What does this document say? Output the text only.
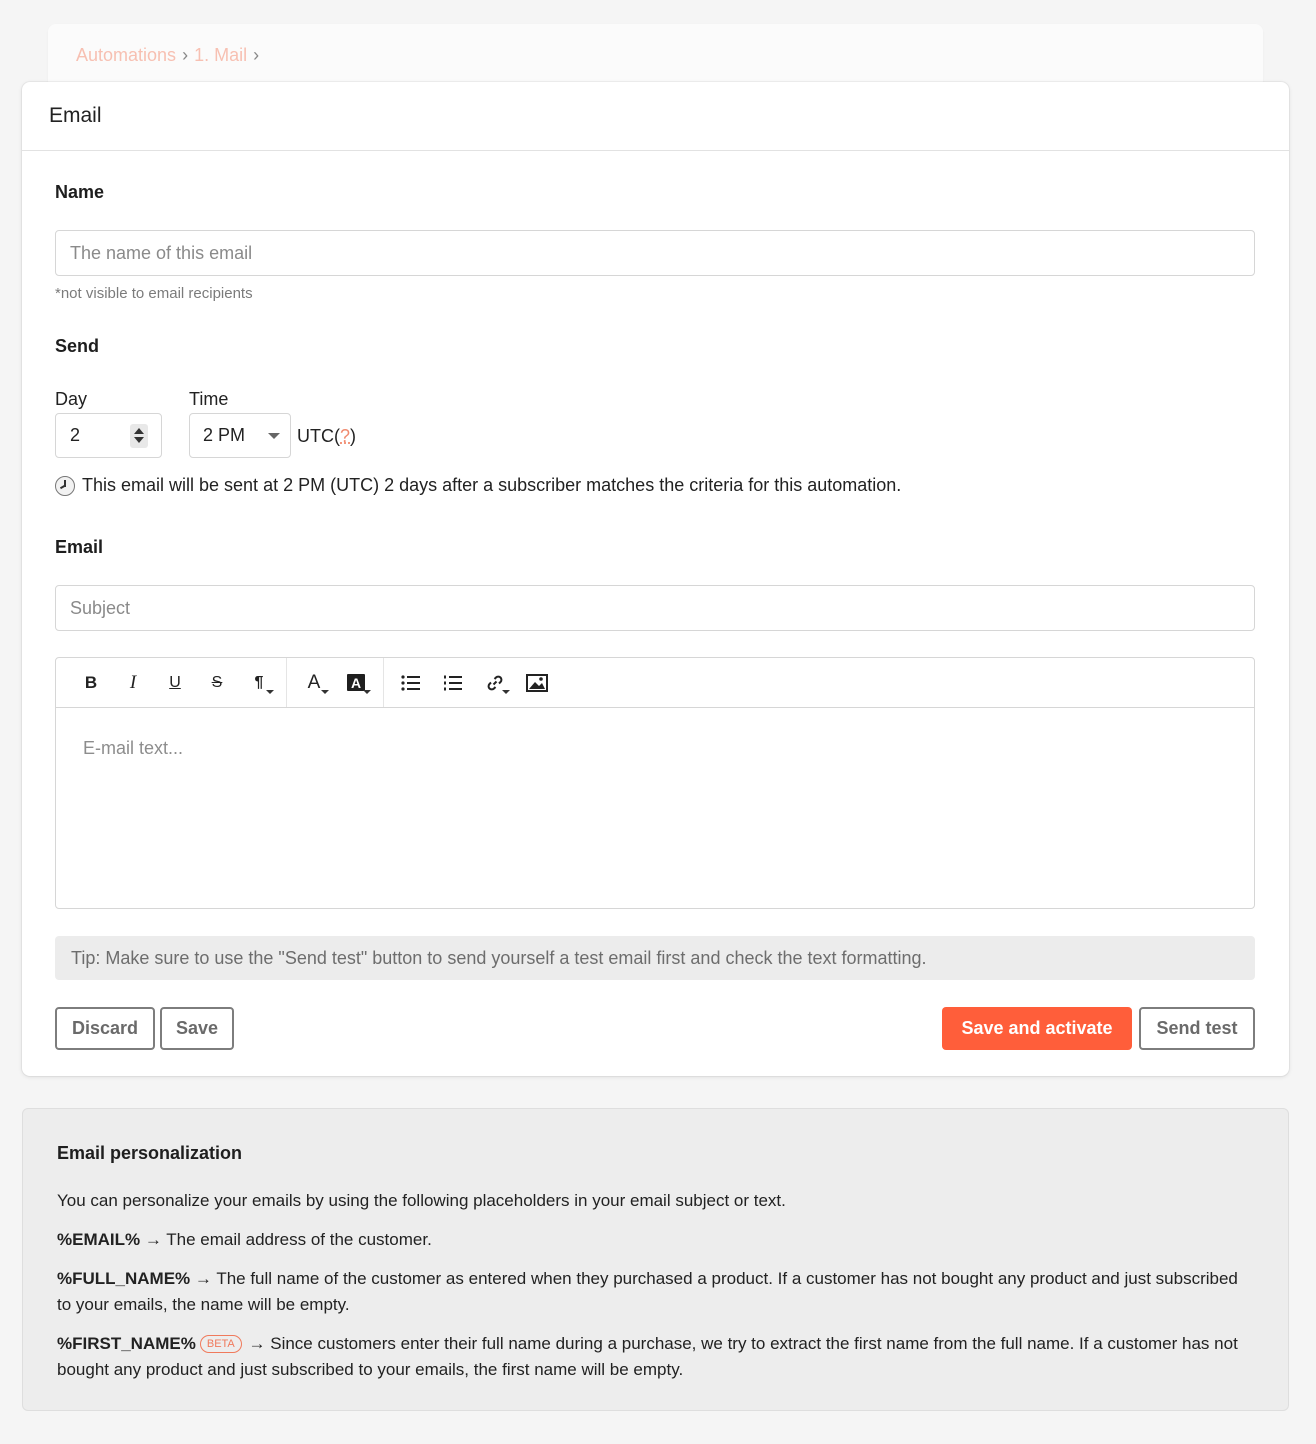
Automations › 1. Mail ›
Email
Name
The name of this email
*not visible to email recipients
Send
Day	Time
2	2 PM	UTC(?)
This email will be sent at 2 PM (UTC) 2 days after a subscriber matches the criteria for this automation.
Email
Subject
B	I	U	S	¶ A A
E-mail text...
Tip: Make sure to use the "Send test" button to send yourself a test email first and check the text formatting.
Discard	Save	Save and activate	Send test
Email personalization

You can personalize your emails by using the following placeholders in your email subject or text.

%EMAIL% → The email address of the customer.

%FULL_NAME% → The full name of the customer as entered when they purchased a product. If a customer has not bought any product and just subscribed to your emails, the name will be empty.

%FIRST_NAME% BETA → Since customers enter their full name during a purchase, we try to extract the first name from the full name. If a customer has not bought any product and just subscribed to your emails, the first name will be empty.
